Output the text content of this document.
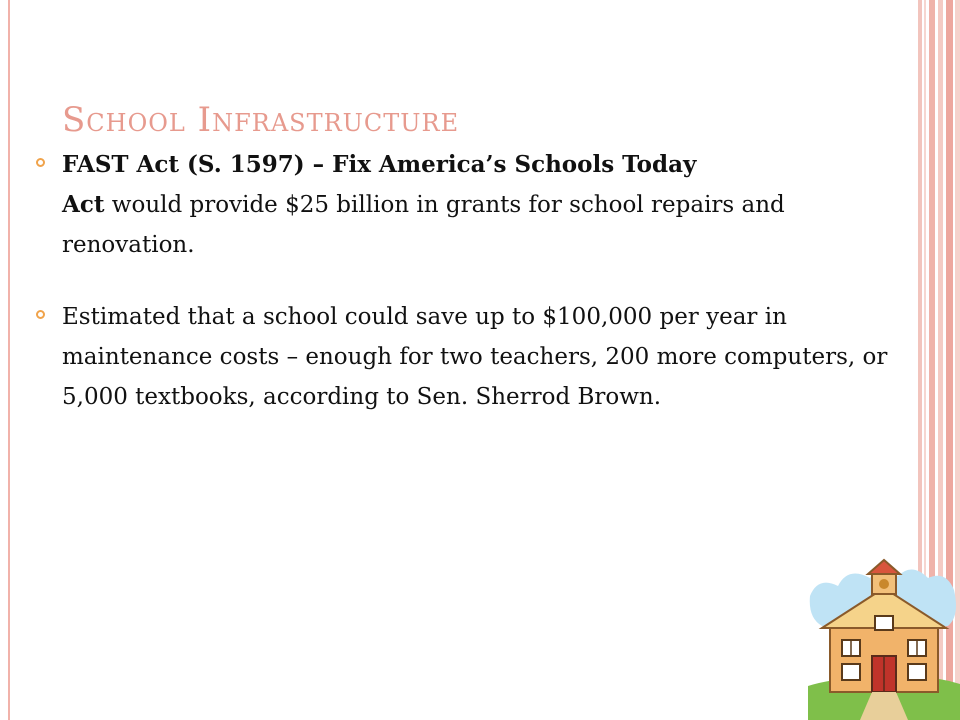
School Infrastructure
FAST Act (S. 1597) – Fix America’s Schools Today
Act would provide $25 billion in grants for school repairs and renovation.
Estimated that a school could save up to $100,000 per year in maintenance costs – enough for two teachers, 200 more computers, or 5,000 textbooks, according to Sen. Sherrod Brown.
